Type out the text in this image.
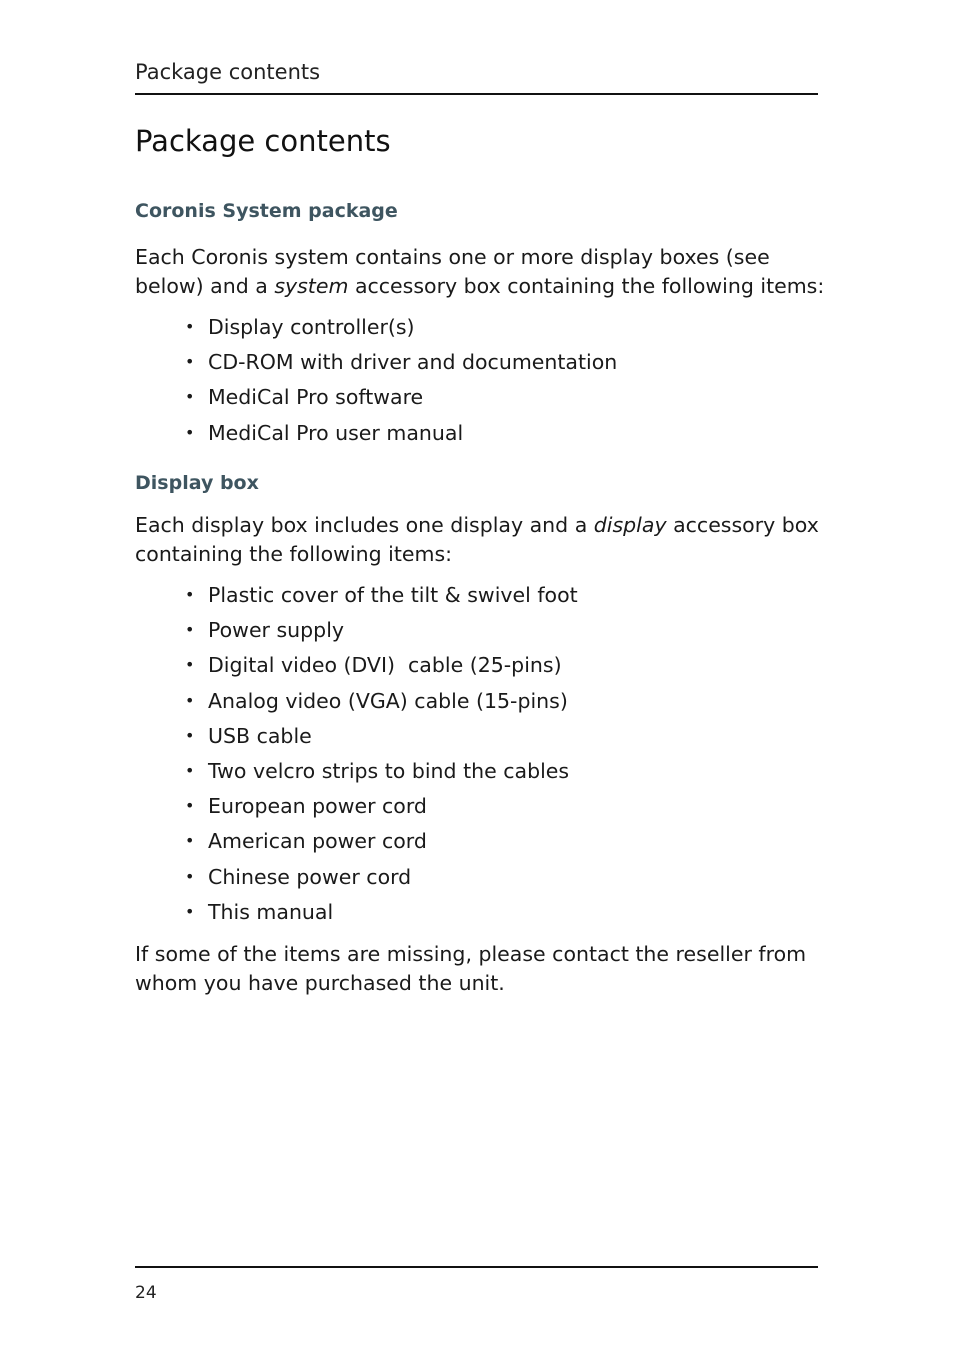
Package contents
Package contents
Coronis System package

Each Coronis system contains one or more display boxes (see below) and a system accessory box containing the following items:

• Display controller(s)
• CD-ROM with driver and documentation
• MediCal Pro software
• MediCal Pro user manual
Display box

Each display box includes one display and a display accessory box containing the following items:

• Plastic cover of the tilt & swivel foot
• Power supply
• Digital video (DVI)  cable (25-pins)
• Analog video (VGA) cable (15-pins)
• USB cable
• Two velcro strips to bind the cables
• European power cord
• American power cord
• Chinese power cord
• This manual

If some of the items are missing, please contact the reseller from whom you have purchased the unit.

24
